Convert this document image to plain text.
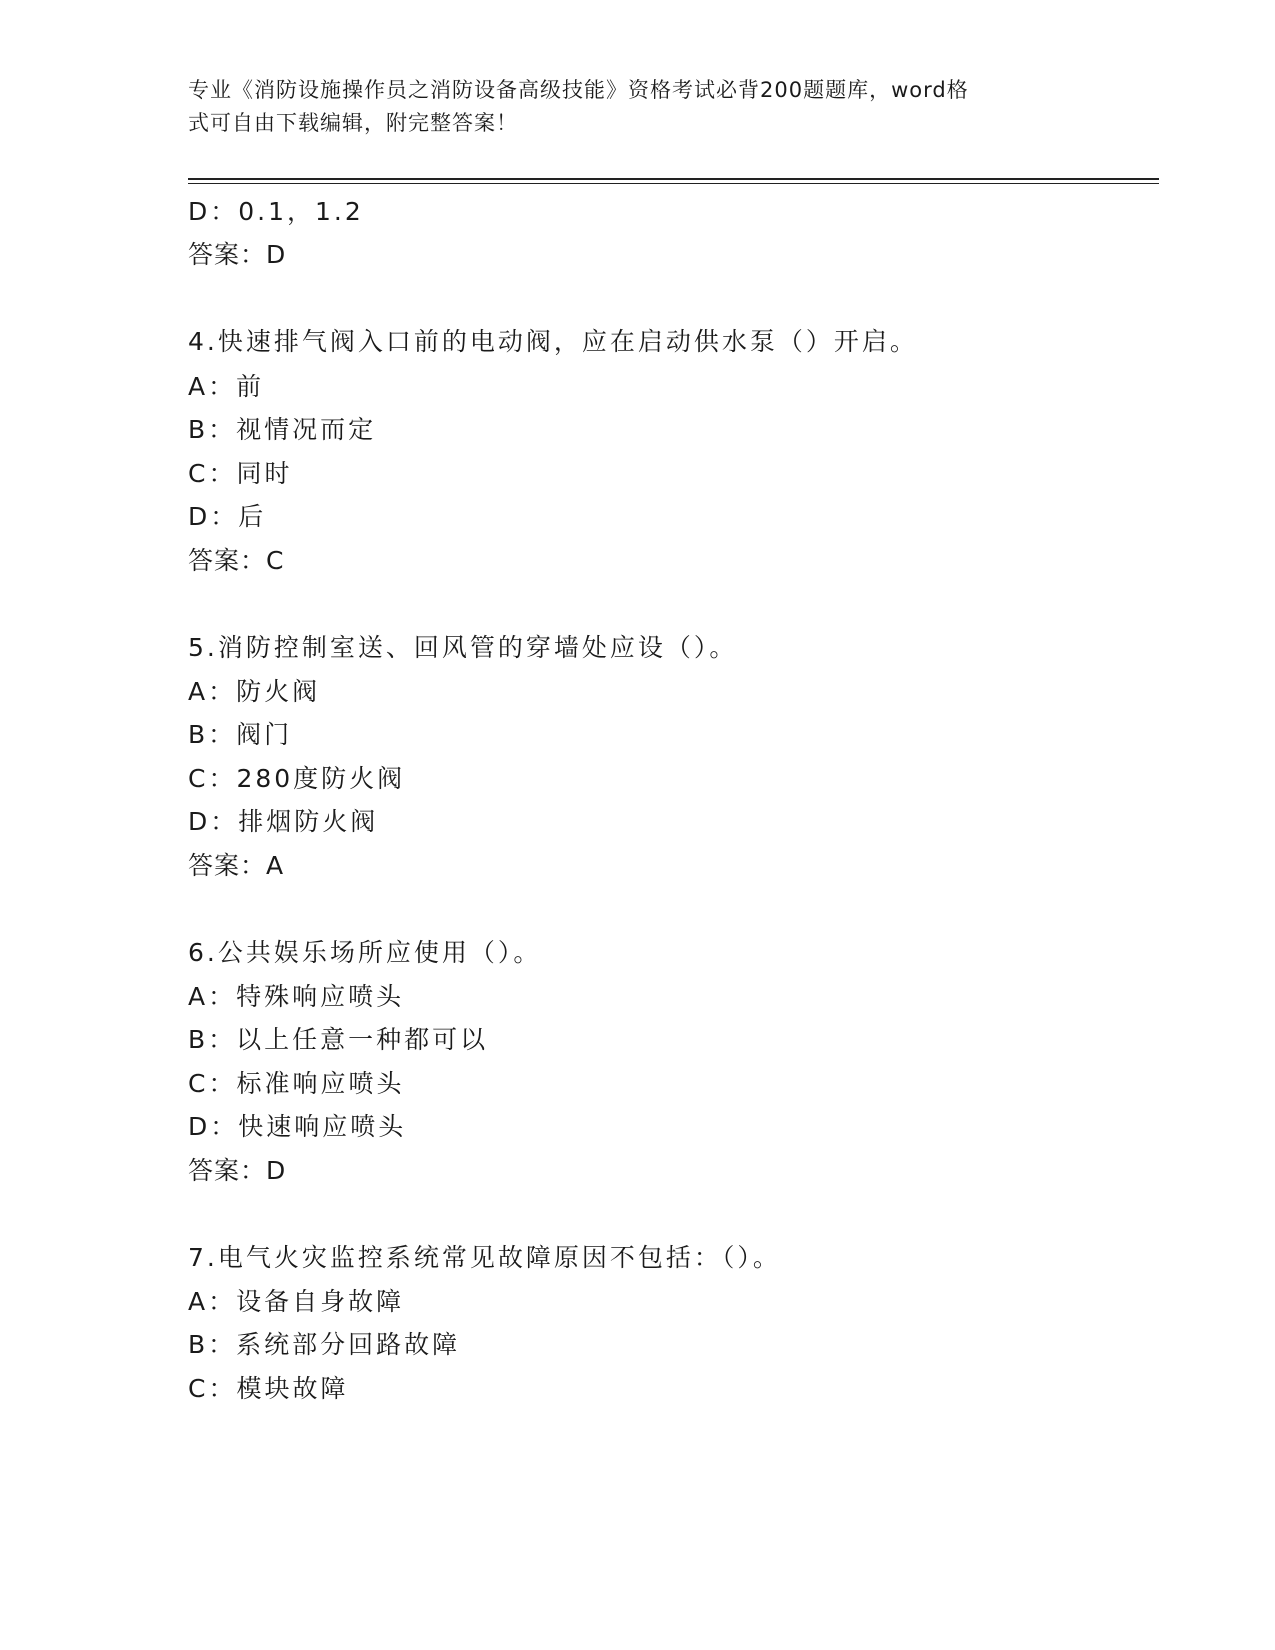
专业《消防设施操作员之消防设备高级技能》资格考试必背200题题库，word格
式可自由下载编辑，附完整答案！
D：0.1，1.2
答案：D
4.快速排气阀入口前的电动阀，应在启动供水泵（）开启。
A：前
B：视情况而定
C：同时
D：后
答案：C
5.消防控制室送、回风管的穿墙处应设（）。
A：防火阀
B：阀门
C：280度防火阀
D：排烟防火阀
答案：A
6.公共娱乐场所应使用（）。
A：特殊响应喷头
B：以上任意一种都可以
C：标准响应喷头
D：快速响应喷头
答案：D
7.电气火灾监控系统常见故障原因不包括：（）。
A：设备自身故障
B：系统部分回路故障
C：模块故障
